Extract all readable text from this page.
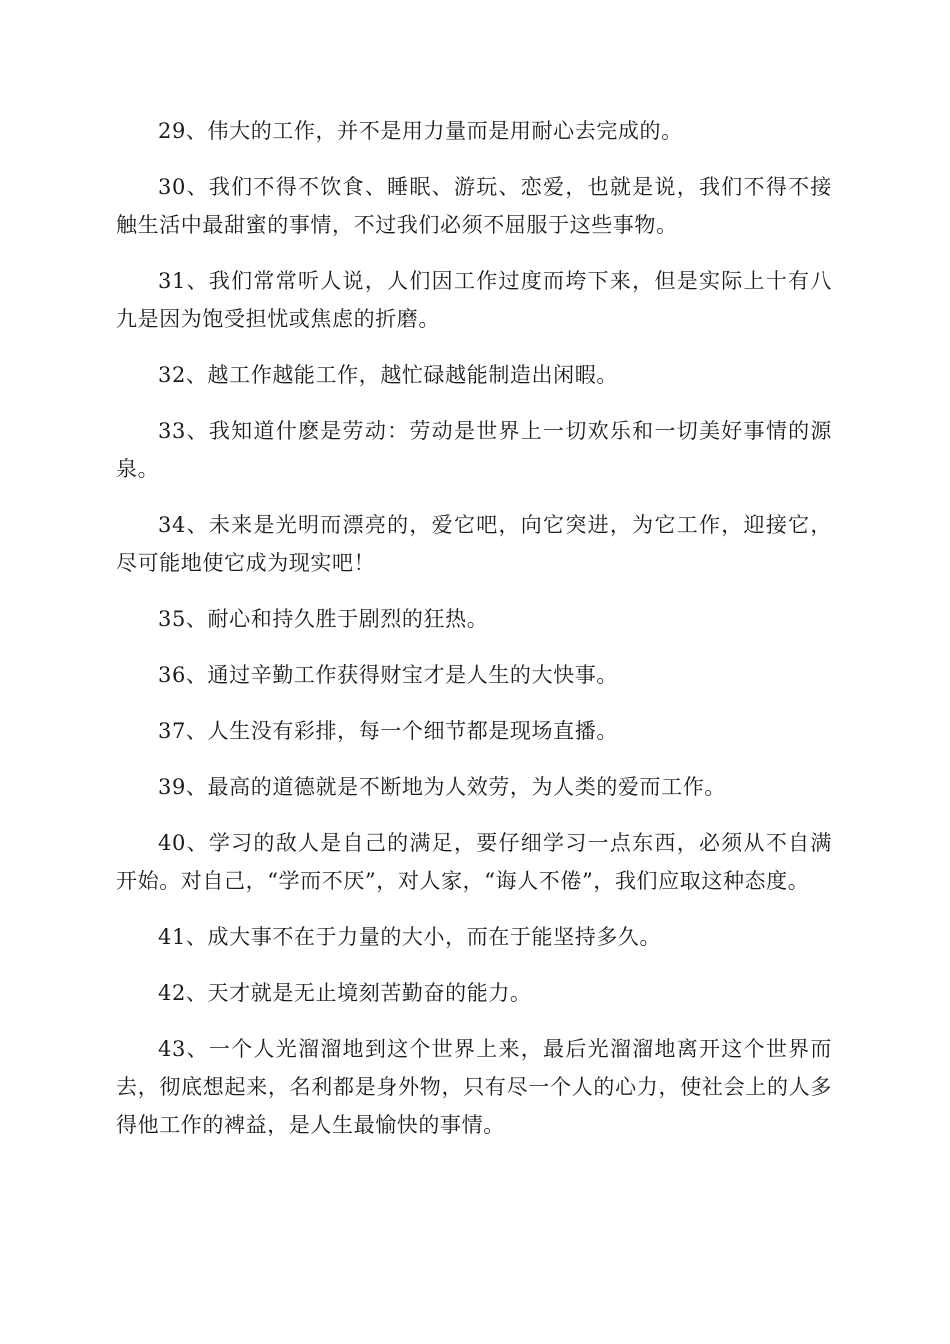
29、伟大的工作，并不是用力量而是用耐心去完成的。

30、我们不得不饮食、睡眠、游玩、恋爱，也就是说，我们不得不接触生活中最甜蜜的事情，不过我们必须不屈服于这些事物。

31、我们常常听人说，人们因工作过度而垮下来，但是实际上十有八九是因为饱受担忧或焦虑的折磨。

32、越工作越能工作，越忙碌越能制造出闲暇。

33、我知道什麽是劳动：劳动是世界上一切欢乐和一切美好事情的源泉。

34、未来是光明而漂亮的，爱它吧，向它突进，为它工作，迎接它，尽可能地使它成为现实吧！

35、耐心和持久胜于剧烈的狂热。

36、通过辛勤工作获得财宝才是人生的大快事。

37、人生没有彩排，每一个细节都是现场直播。

39、最高的道德就是不断地为人效劳，为人类的爱而工作。

40、学习的敌人是自己的满足，要仔细学习一点东西，必须从不自满开始。对自己，“学而不厌”，对人家，“诲人不倦”，我们应取这种态度。

41、成大事不在于力量的大小，而在于能坚持多久。

42、天才就是无止境刻苦勤奋的能力。

43、一个人光溜溜地到这个世界上来，最后光溜溜地离开这个世界而去，彻底想起来，名利都是身外物，只有尽一个人的心力，使社会上的人多得他工作的裨益，是人生最愉快的事情。
